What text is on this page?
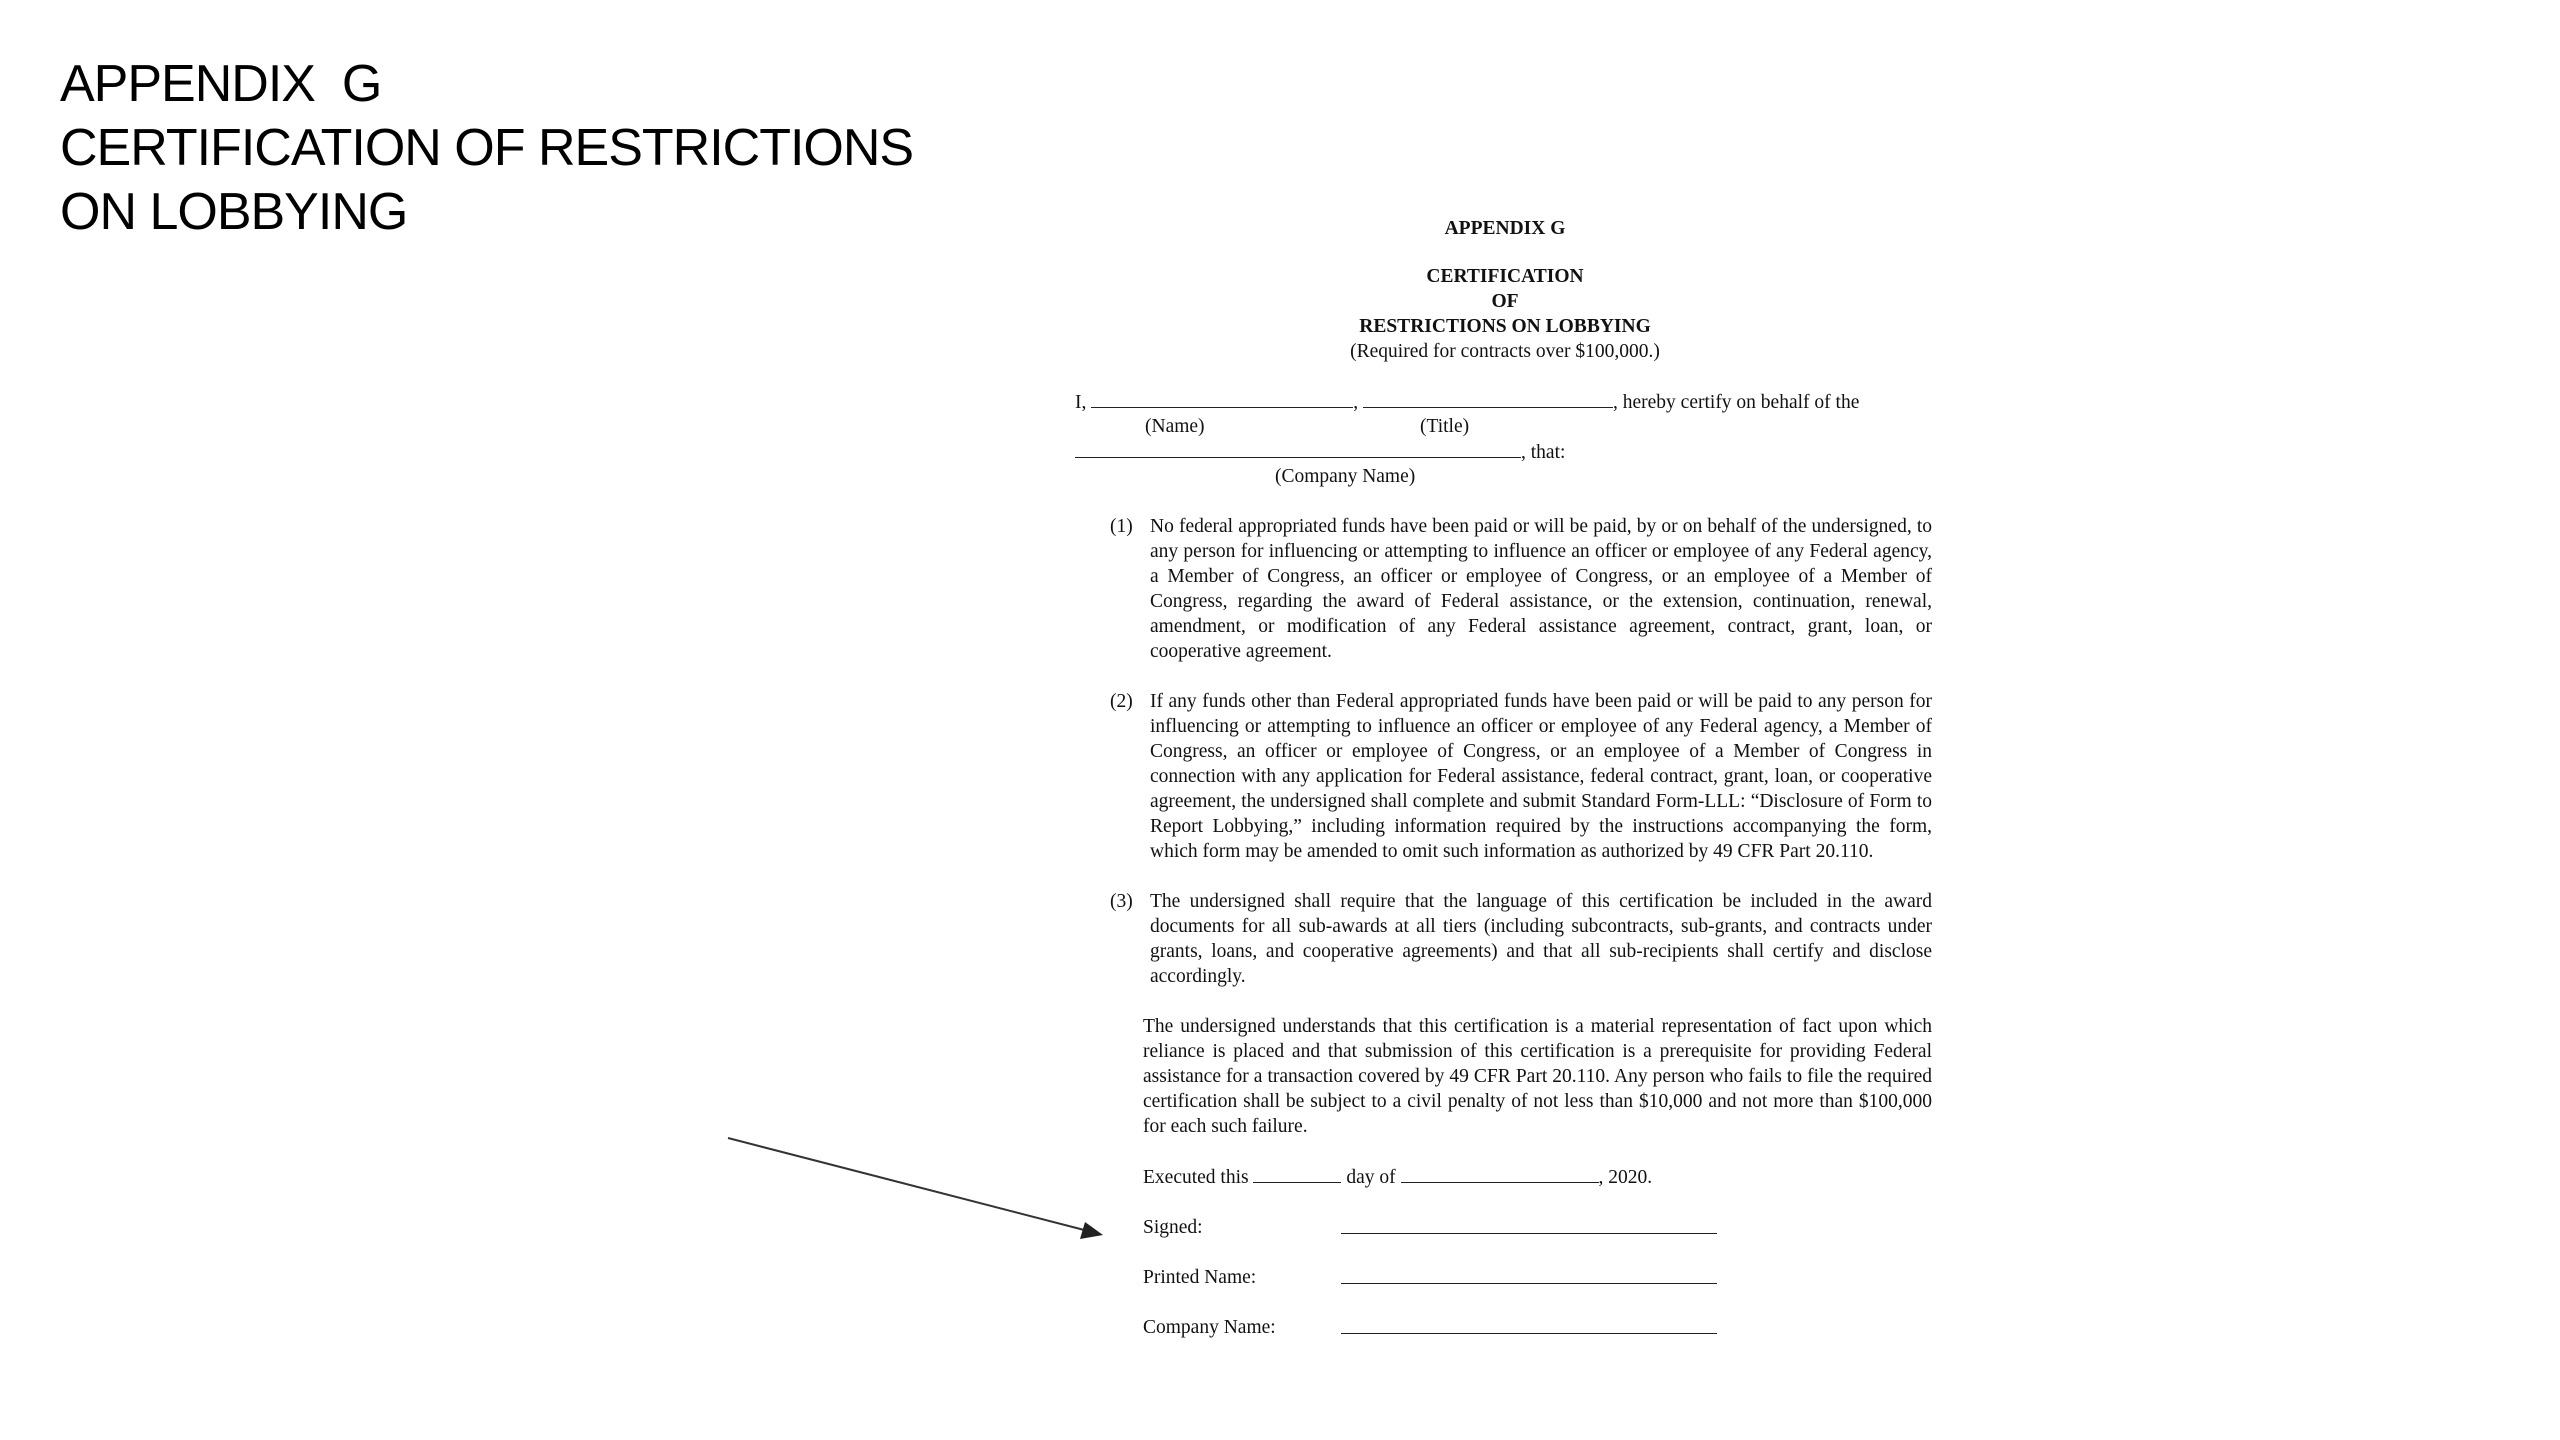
APPENDIX  G
CERTIFICATION OF RESTRICTIONS
ON LOBBYING	APPENDIX G
CERTIFICATION
OF
RESTRICTIONS ON LOBBYING
(Required for contracts over $100,000.)
I,	,	, hereby certify on behalf of the
(Name)	(Title)
, that:
(Company Name)
(1) No federal appropriated funds have been paid or will be paid, by or on behalf of the undersigned, to any person for influencing or attempting to influence an officer or employee of any Federal agency, a Member of Congress, an officer or employee of Congress, or an employee of a Member of Congress, regarding the award of Federal assistance, or the extension, continuation, renewal, amendment, or modification of any Federal assistance agreement, contract, grant, loan, or cooperative agreement.
(2) If any funds other than Federal appropriated funds have been paid or will be paid to any person for influencing or attempting to influence an officer or employee of any Federal agency, a Member of Congress, an officer or employee of Congress, or an employee of a Member of Congress in connection with any application for Federal assistance, federal contract, grant, loan, or cooperative agreement, the undersigned shall complete and submit Standard Form-LLL: “Disclosure of Form to Report Lobbying,” including information required by the instructions accompanying the form, which form may be amended to omit such information as authorized by 49 CFR Part 20.110.
(3) The undersigned shall require that the language of this certification be included in the award documents for all sub-awards at all tiers (including subcontracts, sub-grants, and contracts under grants, loans, and cooperative agreements) and that all sub-recipients shall certify and disclose accordingly.
The undersigned understands that this certification is a material representation of fact upon which reliance is placed and that submission of this certification is a prerequisite for providing Federal assistance for a transaction covered by 49 CFR Part 20.110. Any person who fails to file the required certification shall be subject to a civil penalty of not less than $10,000 and not more than $100,000 for each such failure.
Executed this	day of	, 2020.
Signed:
Printed Name:
Company Name:
